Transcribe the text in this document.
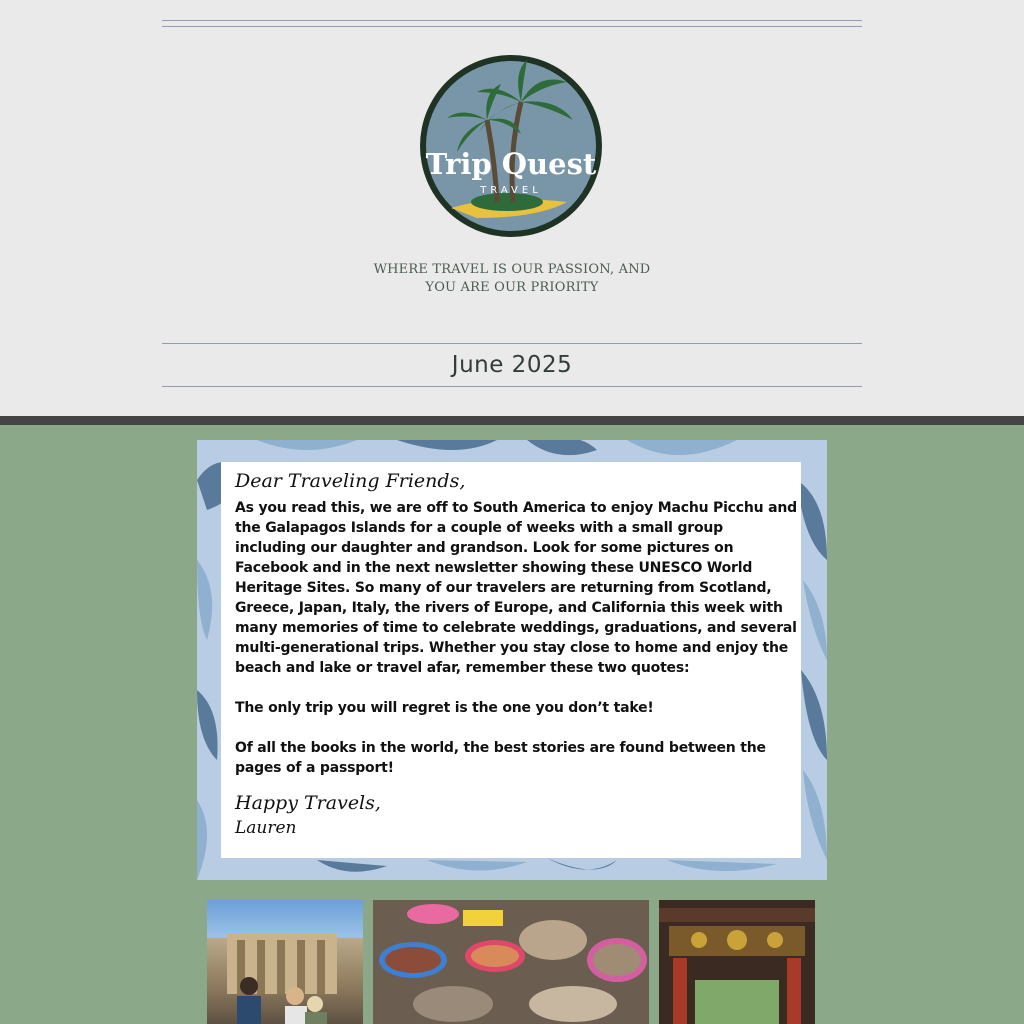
Trip Quest
TRAVEL
WHERE TRAVEL IS OUR PASSION, AND
YOU ARE OUR PRIORITY
June 2025
Dear Traveling Friends,
As you read this, we are off to South America to enjoy Machu Picchu and the Galapagos Islands for a couple of weeks with a small group including our daughter and grandson. Look for some pictures on Facebook and in the next newsletter showing these UNESCO World Heritage Sites. So many of our travelers are returning from Scotland, Greece, Japan, Italy, the rivers of Europe, and California this week with many memories of time to celebrate weddings, graduations, and several multi-generational trips. Whether you stay close to home and enjoy the beach and lake or travel afar, remember these two quotes:
The only trip you will regret is the one you don’t take!
Of all the books in the world, the best stories are found between the pages of a passport!
Happy Travels,
Lauren
